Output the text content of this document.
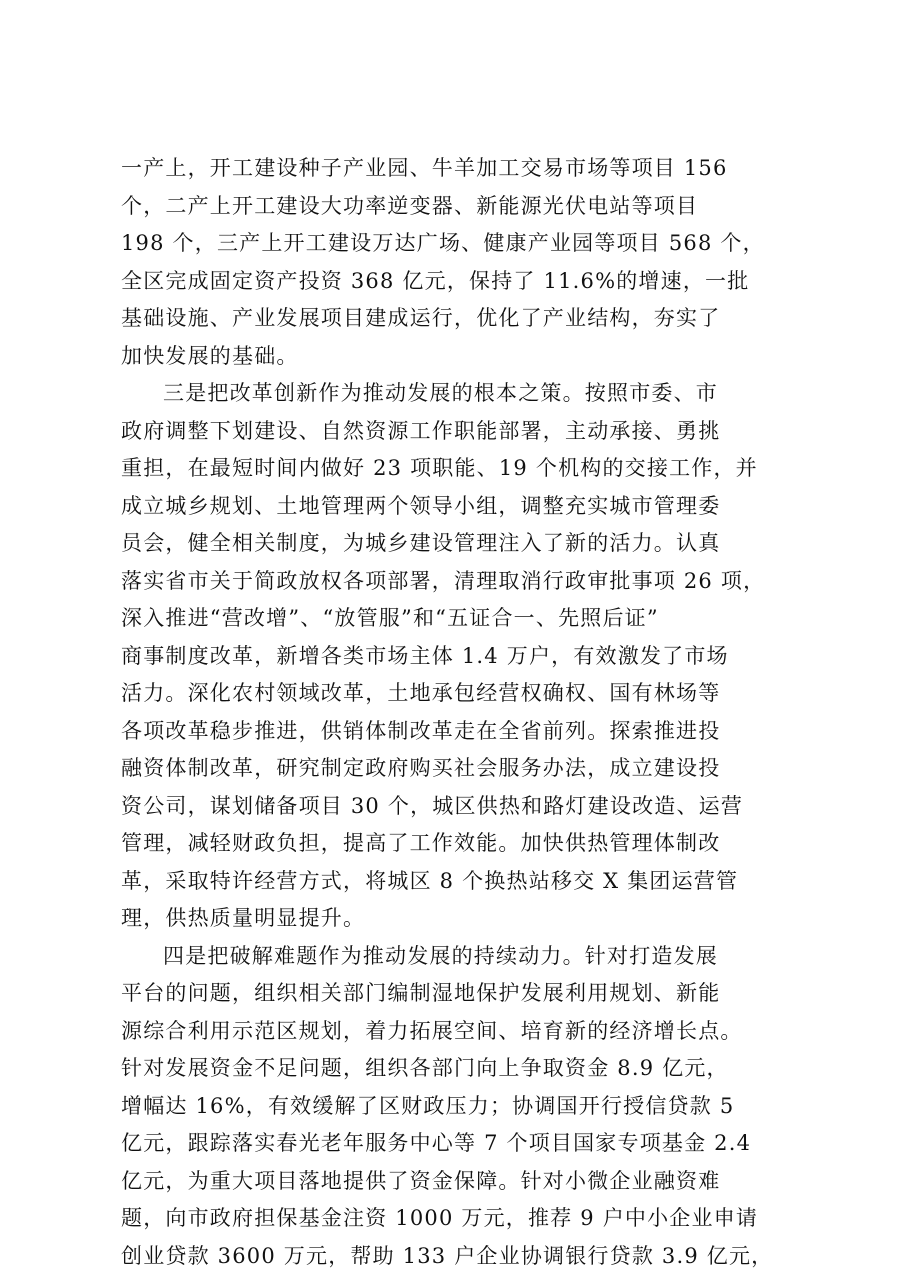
一产上，开工建设种子产业园、牛羊加工交易市场等项目 156
个，二产上开工建设大功率逆变器、新能源光伏电站等项目
198 个，三产上开工建设万达广场、健康产业园等项目 568 个，
全区完成固定资产投资 368 亿元，保持了 11.6%的增速，一批
基础设施、产业发展项目建成运行，优化了产业结构，夯实了
加快发展的基础。
三是把改革创新作为推动发展的根本之策。按照市委、市
政府调整下划建设、自然资源工作职能部署，主动承接、勇挑
重担，在最短时间内做好 23 项职能、19 个机构的交接工作，并
成立城乡规划、土地管理两个领导小组，调整充实城市管理委
员会，健全相关制度，为城乡建设管理注入了新的活力。认真
落实省市关于简政放权各项部署，清理取消行政审批事项 26 项，
深入推进“营改增”、“放管服”和“五证合一、先照后证”
商事制度改革，新增各类市场主体 1.4 万户，有效激发了市场
活力。深化农村领域改革，土地承包经营权确权、国有林场等
各项改革稳步推进，供销体制改革走在全省前列。探索推进投
融资体制改革，研究制定政府购买社会服务办法，成立建设投
资公司，谋划储备项目 30 个，城区供热和路灯建设改造、运营
管理，减轻财政负担，提高了工作效能。加快供热管理体制改
革，采取特许经营方式，将城区 8 个换热站移交 X 集团运营管
理，供热质量明显提升。
四是把破解难题作为推动发展的持续动力。针对打造发展
平台的问题，组织相关部门编制湿地保护发展利用规划、新能
源综合利用示范区规划，着力拓展空间、培育新的经济增长点。
针对发展资金不足问题，组织各部门向上争取资金 8.9 亿元，
增幅达 16%，有效缓解了区财政压力；协调国开行授信贷款 5
亿元，跟踪落实春光老年服务中心等 7 个项目国家专项基金 2.4
亿元，为重大项目落地提供了资金保障。针对小微企业融资难
题，向市政府担保基金注资 1000 万元，推荐 9 户中小企业申请
创业贷款 3600 万元，帮助 133 户企业协调银行贷款 3.9 亿元，
